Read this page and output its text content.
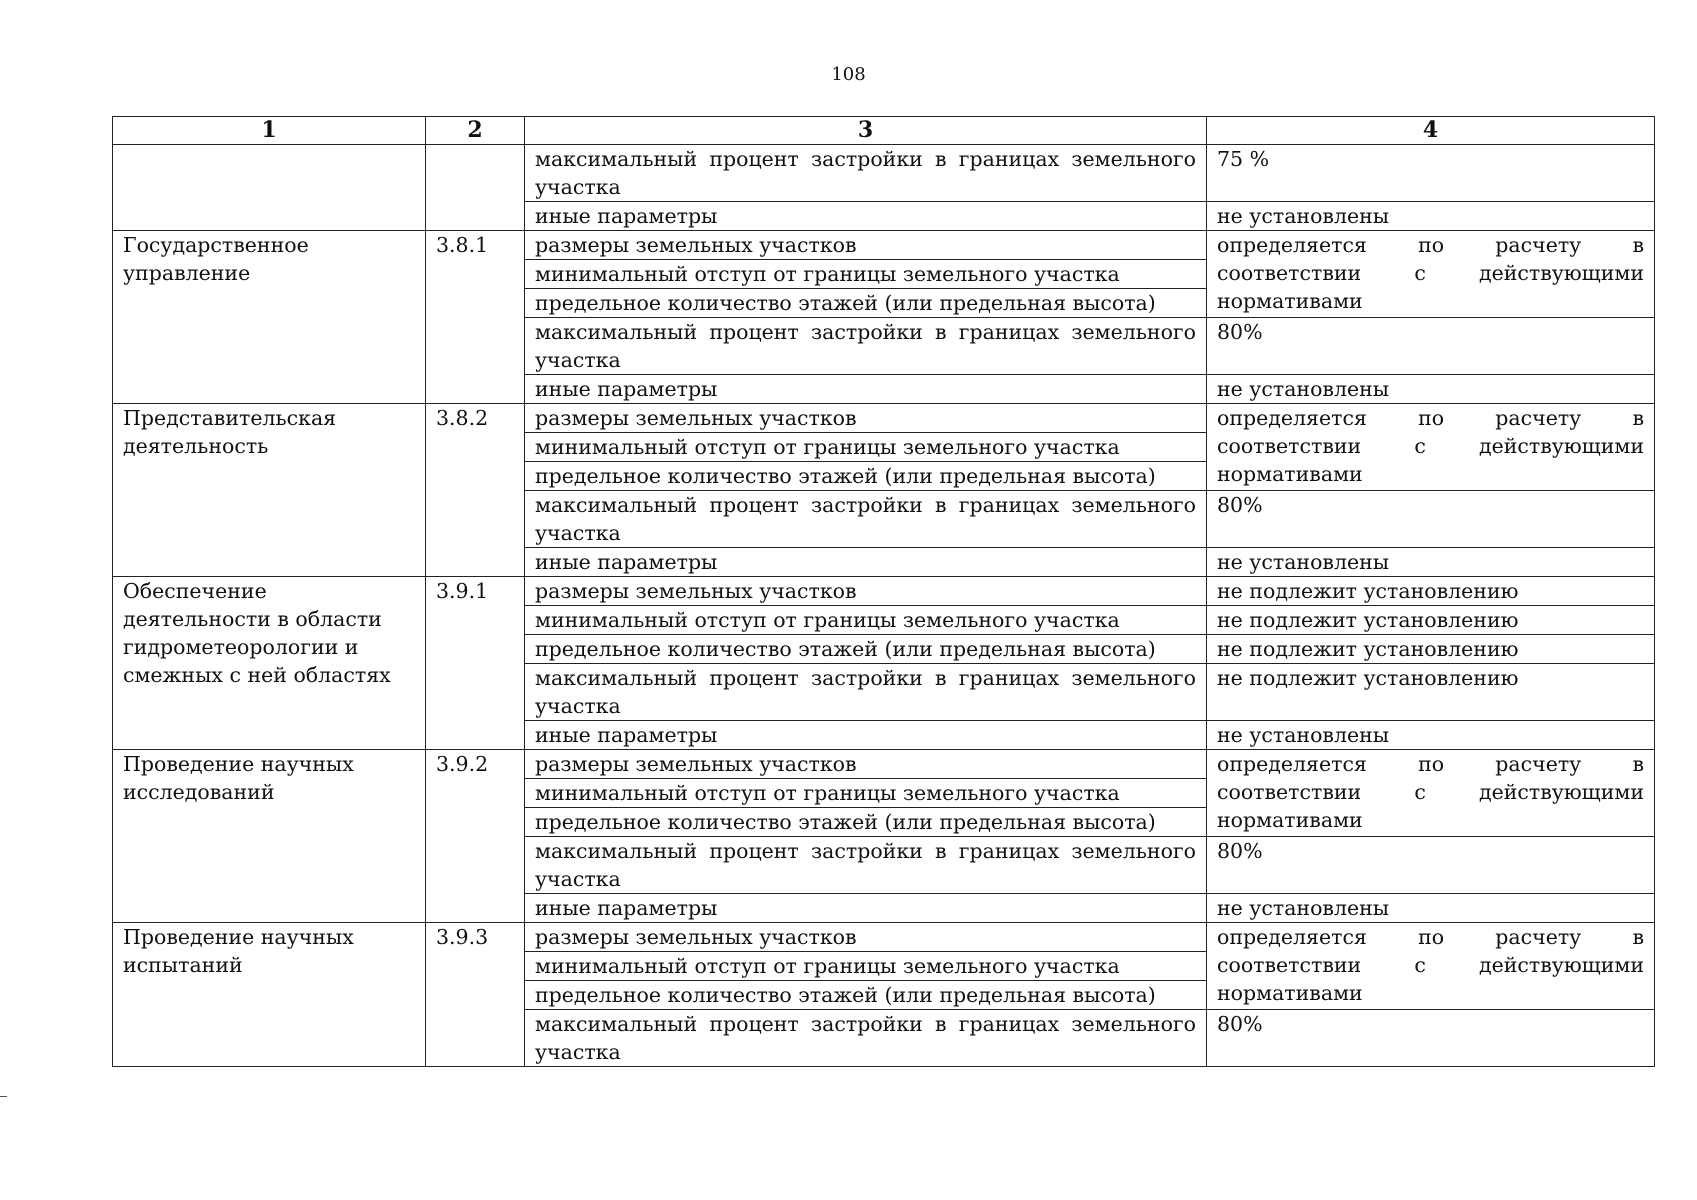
108
1	2	3	4
		максимальный процент застройки в границах земельного участка	75 %
		иные параметры	не установлены
Государственное управление	3.8.1	размеры земельных участков	определяется по расчету в
соответствии с действующими
нормативами

		минимальный отступ от границы земельного участка	
		предельное количество этажей (или предельная высота)	
		максимальный процент застройки в границах земельного участка	80%
		иные параметры	не установлены
Представительская деятельность	3.8.2	размеры земельных участков	определяется по расчету в
соответствии с действующими
нормативами

		минимальный отступ от границы земельного участка	
		предельное количество этажей (или предельная высота)	
		максимальный процент застройки в границах земельного участка	80%
		иные параметры	не установлены
Обеспечение деятельности в области гидрометеорологии и смежных с ней областях	3.9.1	размеры земельных участков	не подлежит установлению
		минимальный отступ от границы земельного участка	не подлежит установлению
		предельное количество этажей (или предельная высота)	не подлежит установлению
		максимальный процент застройки в границах земельного участка	не подлежит установлению
		иные параметры	не установлены
Проведение научных исследований	3.9.2	размеры земельных участков	определяется по расчету в
соответствии с действующими
нормативами

		минимальный отступ от границы земельного участка	
		предельное количество этажей (или предельная высота)	
		максимальный процент застройки в границах земельного участка	80%
		иные параметры	не установлены
Проведение научных испытаний	3.9.3	размеры земельных участков	определяется по расчету в
соответствии с действующими
нормативами

		минимальный отступ от границы земельного участка	
		предельное количество этажей (или предельная высота)	
		максимальный процент застройки в границах земельного участка	80%
